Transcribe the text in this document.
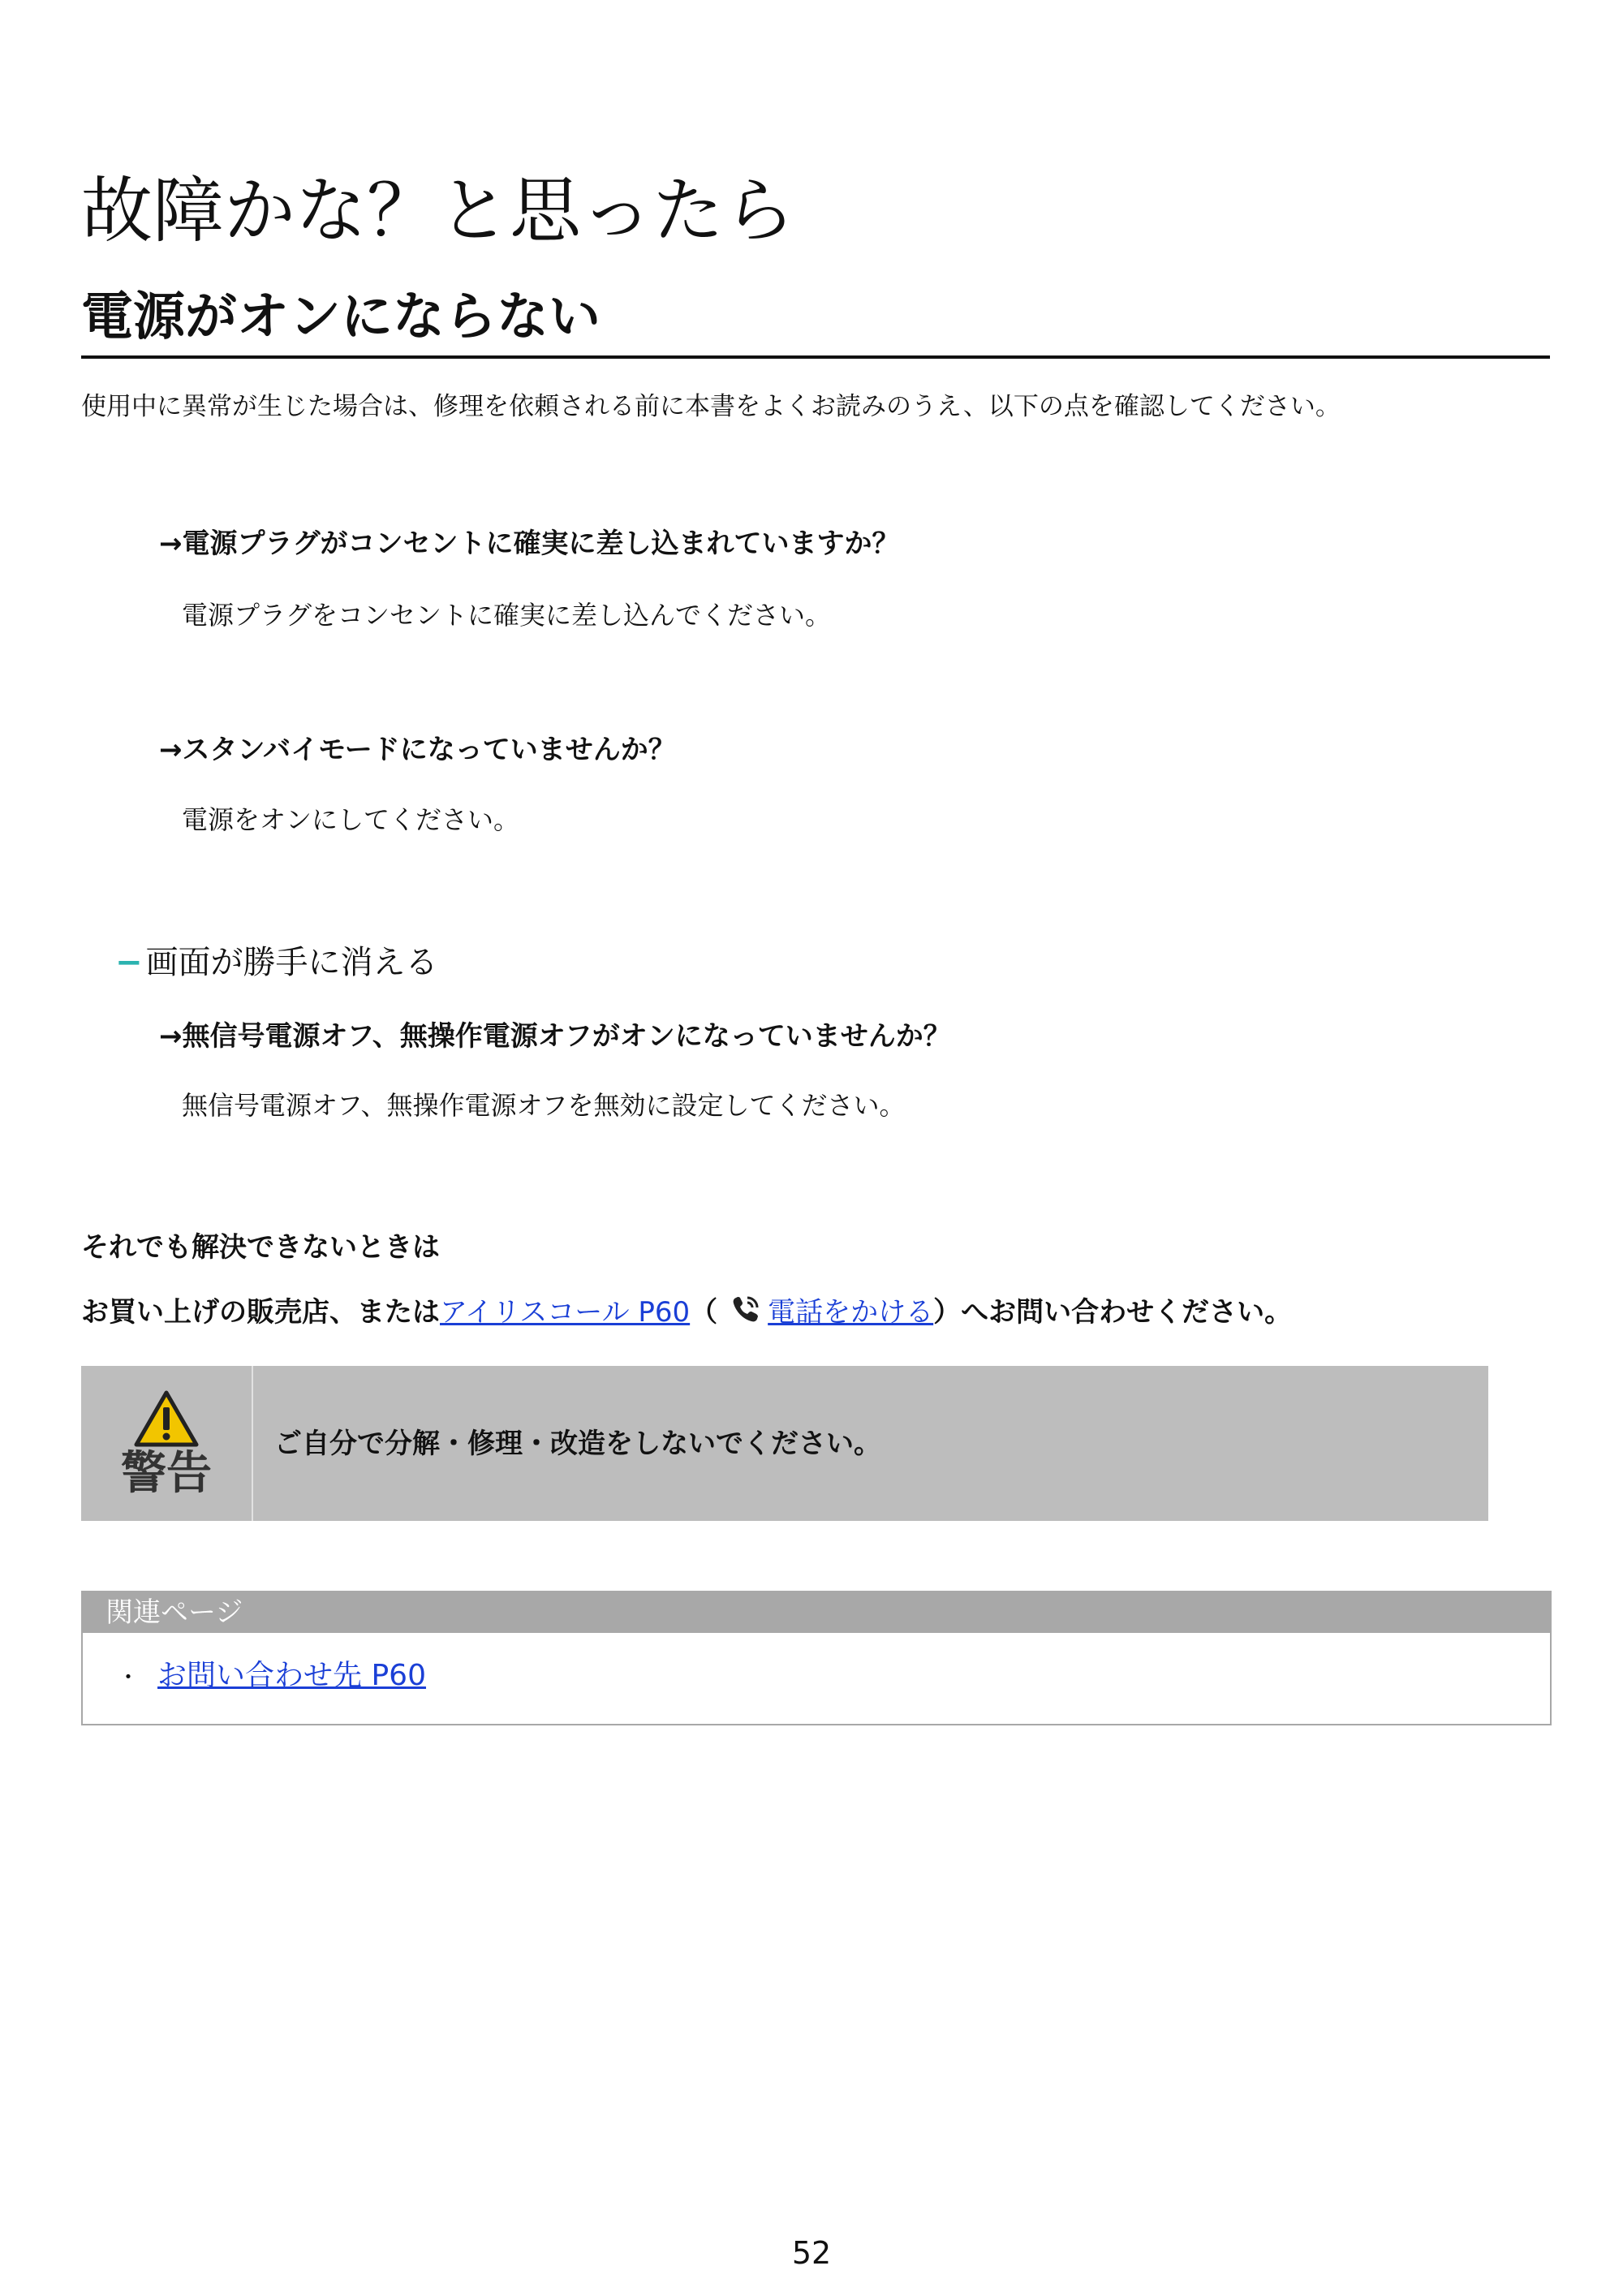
故障かな？と思ったら
電源がオンにならない
使用中に異常が生じた場合は、修理を依頼される前に本書をよくお読みのうえ、以下の点を確認してください。
→電源プラグがコンセントに確実に差し込まれていますか？
電源プラグをコンセントに確実に差し込んでください。
→スタンバイモードになっていませんか？
電源をオンにしてください。
− 画面が勝手に消える
→無信号電源オフ、無操作電源オフがオンになっていませんか？
無信号電源オフ、無操作電源オフを無効に設定してください。
それでも解決できないときは
お買い上げの販売店、またはアイリスコール P60（ 電話をかける）へお問い合わせください。
警告
ご自分で分解・修理・改造をしないでください。
関連ページ
・ お問い合わせ先 P60
52
